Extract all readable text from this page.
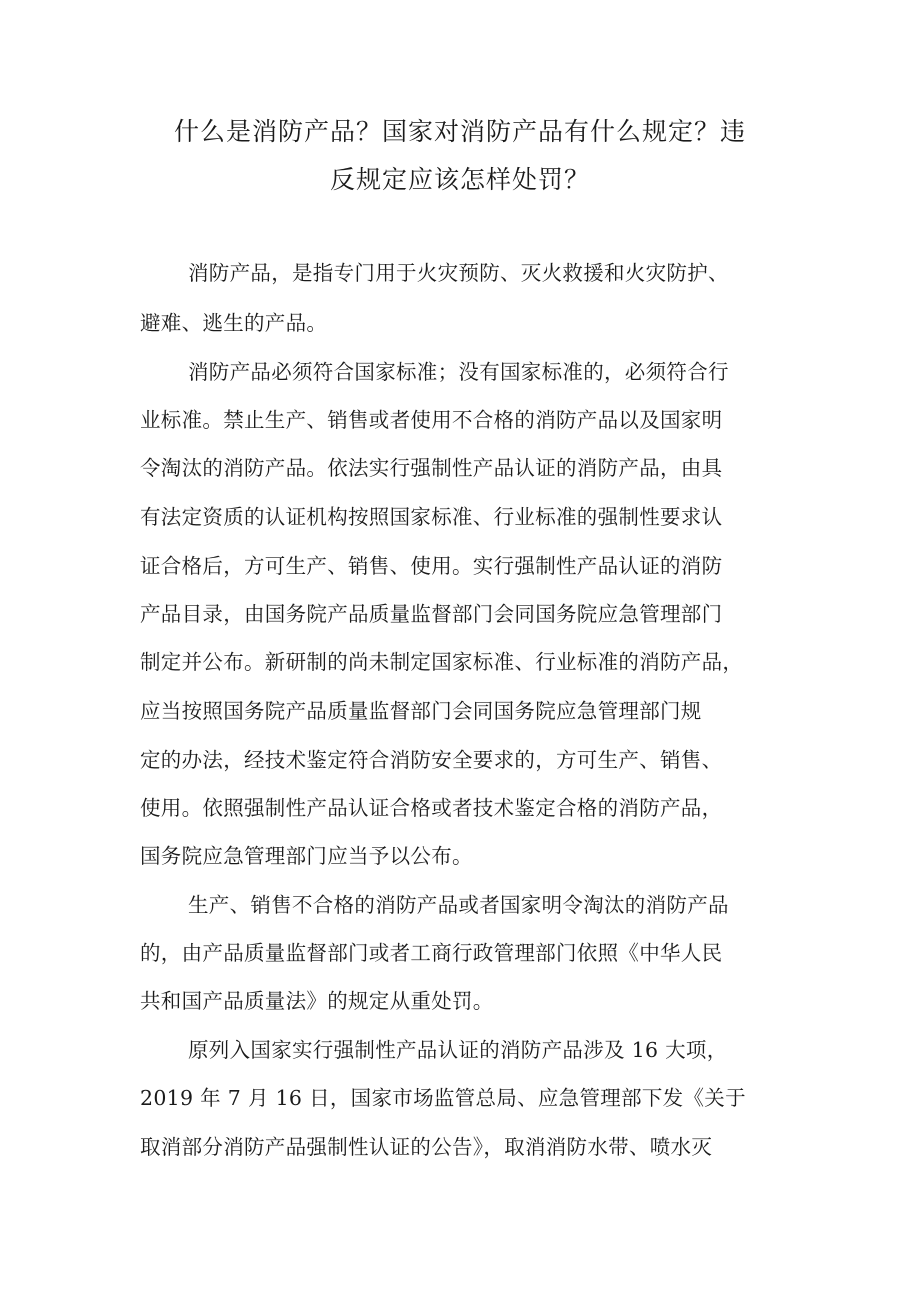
什么是消防产品？国家对消防产品有什么规定？违
反规定应该怎样处罚？
消防产品，是指专门用于火灾预防、灭火救援和火灾防护、
避难、逃生的产品。
消防产品必须符合国家标准；没有国家标准的，必须符合行
业标准。禁止生产、销售或者使用不合格的消防产品以及国家明
令淘汰的消防产品。依法实行强制性产品认证的消防产品，由具
有法定资质的认证机构按照国家标准、行业标准的强制性要求认
证合格后，方可生产、销售、使用。实行强制性产品认证的消防
产品目录，由国务院产品质量监督部门会同国务院应急管理部门
制定并公布。新研制的尚未制定国家标准、行业标准的消防产品，
应当按照国务院产品质量监督部门会同国务院应急管理部门规
定的办法，经技术鉴定符合消防安全要求的，方可生产、销售、
使用。依照强制性产品认证合格或者技术鉴定合格的消防产品，
国务院应急管理部门应当予以公布。
生产、销售不合格的消防产品或者国家明令淘汰的消防产品
的，由产品质量监督部门或者工商行政管理部门依照《中华人民
共和国产品质量法》的规定从重处罚。
原列入国家实行强制性产品认证的消防产品涉及 16 大项，
2019 年 7 月 16 日，国家市场监管总局、应急管理部下发《关于
取消部分消防产品强制性认证的公告》，取消消防水带、喷水灭
